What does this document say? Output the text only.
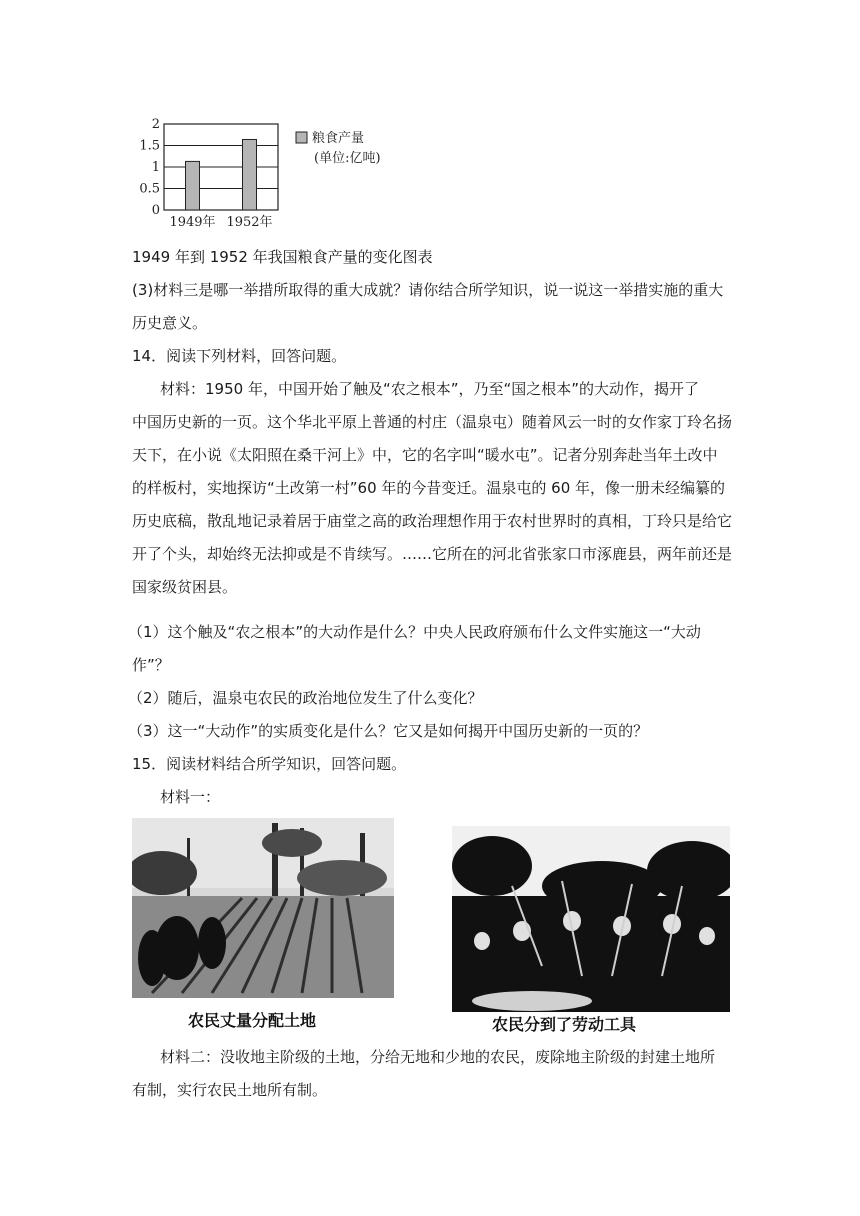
2
1.5
1
0.5
0
1949年 1952年
粮食产量
(单位:亿吨)
1949 年到 1952 年我国粮食产量的变化图表
(3)材料三是哪一举措所取得的重大成就？请你结合所学知识，说一说这一举措实施的重大
历史意义。
14．阅读下列材料，回答问题。
材料：1950 年，中国开始了触及“农之根本”，乃至“国之根本”的大动作，揭开了
中国历史新的一页。这个华北平原上普通的村庄（温泉屯）随着风云一时的女作家丁玲名扬
天下，在小说《太阳照在桑干河上》中，它的名字叫“暖水屯”。记者分别奔赴当年土改中
的样板村，实地探访“土改第一村”60 年的今昔变迁。温泉屯的 60 年，像一册未经编纂的
历史底稿，散乱地记录着居于庙堂之高的政治理想作用于农村世界时的真相，丁玲只是给它
开了个头，却始终无法抑或是不肯续写。……它所在的河北省张家口市涿鹿县，两年前还是
国家级贫困县。
（1）这个触及“农之根本”的大动作是什么？中央人民政府颁布什么文件实施这一“大动
作”？
（2）随后，温泉屯农民的政治地位发生了什么变化？
（3）这一“大动作”的实质变化是什么？它又是如何揭开中国历史新的一页的？
15．阅读材料结合所学知识，回答问题。
材料一：
农民丈量分配土地	农民分到了劳动工具
材料二：没收地主阶级的土地，分给无地和少地的农民，废除地主阶级的封建土地所
有制，实行农民土地所有制。
